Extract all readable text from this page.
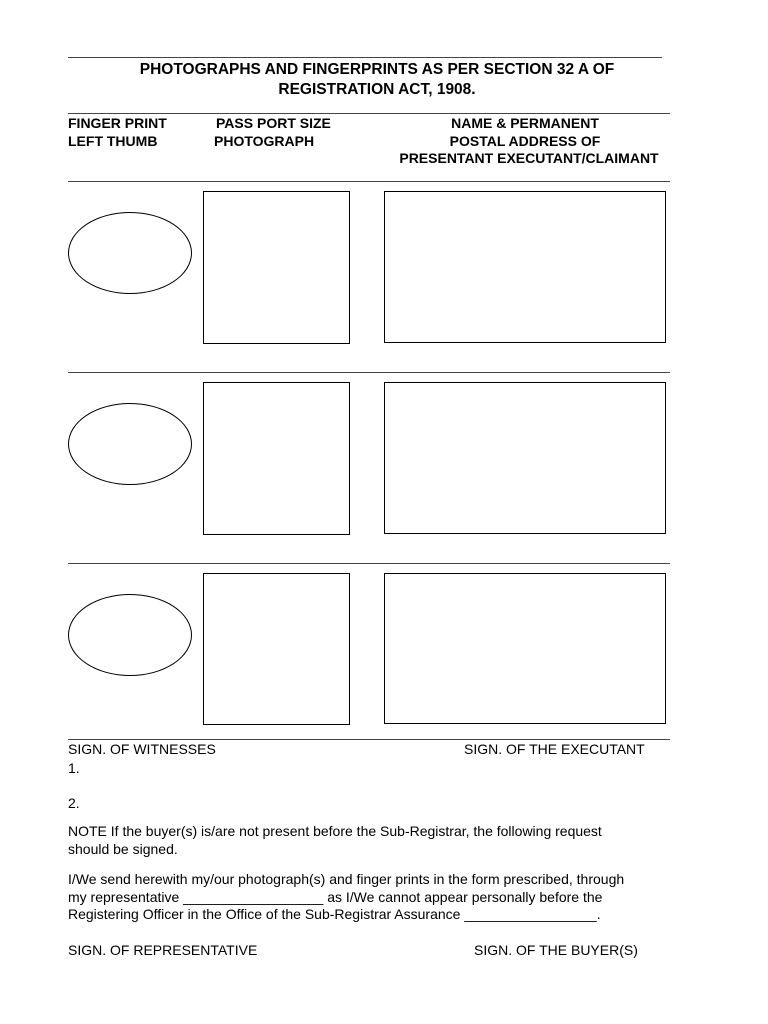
PHOTOGRAPHS AND FINGERPRINTS AS PER SECTION 32 A OF
REGISTRATION ACT, 1908.
FINGER PRINT
LEFT THUMB
PASS PORT SIZE
PHOTOGRAPH
NAME & PERMANENT
POSTAL ADDRESS OF
PRESENTANT EXECUTANT/CLAIMANT
SIGN. OF WITNESSES	SIGN. OF THE EXECUTANT
1.
2.
NOTE If the buyer(s) is/are not present before the Sub-Registrar, the following request
should be signed.
I/We send herewith my/our photograph(s) and finger prints in the form prescribed, through
my representative __________________ as I/We cannot appear personally before the
Registering Officer in the Office of the Sub-Registrar Assurance _________________.
SIGN. OF REPRESENTATIVE	SIGN. OF THE BUYER(S)
